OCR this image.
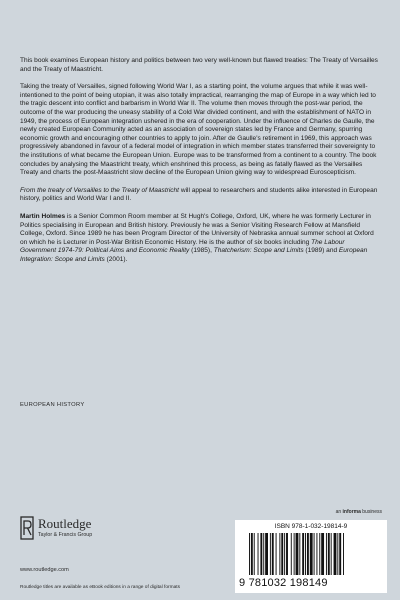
This book examines European history and politics between two very well-known but flawed treaties: The Treaty of Versailles and the Treaty of Maastricht.

Taking the treaty of Versailles, signed following World War I, as a starting point, the volume argues that while it was well-intentioned to the point of being utopian, it was also totally impractical, rearranging the map of Europe in a way which led to the tragic descent into conflict and barbarism in World War II. The volume then moves through the post-war period, the outcome of the war producing the uneasy stability of a Cold War divided continent, and with the establishment of NATO in 1949, the process of European integration ushered in the era of cooperation. Under the influence of Charles de Gaulle, the newly created European Community acted as an association of sovereign states led by France and Germany, spurring economic growth and encouraging other countries to apply to join. After de Gaulle's retirement in 1969, this approach was progressively abandoned in favour of a federal model of integration in which member states transferred their sovereignty to the institutions of what became the European Union. Europe was to be transformed from a continent to a country. The book concludes by analysing the Maastricht treaty, which enshrined this process, as being as fatally flawed as the Versailles Treaty and charts the post-Maastricht slow decline of the European Union giving way to widespread Euroscepticism.

From the treaty of Versailles to the Treaty of Maastricht will appeal to researchers and students alike interested in European history, politics and World War I and II.

Martin Holmes is a Senior Common Room member at St Hugh's College, Oxford, UK, where he was formerly Lecturer in Politics specialising in European and British history. Previously he was a Senior Visiting Research Fellow at Mansfield College, Oxford. Since 1989 he has been Program Director of the University of Nebraska annual summer school at Oxford on which he is Lecturer in Post-War British Economic History. He is the author of six books including The Labour Government 1974-79: Political Aims and Economic Reality (1985), Thatcherism: Scope and Limits (1989) and European Integration: Scope and Limits (2001).

EUROPEAN HISTORY
an informa business
Routledge
Taylor & Francis Group
www.routledge.com
Routledge titles are available as eBook editions in a range of digital formats
ISBN 978-1-032-19814-9
9 781032 198149
